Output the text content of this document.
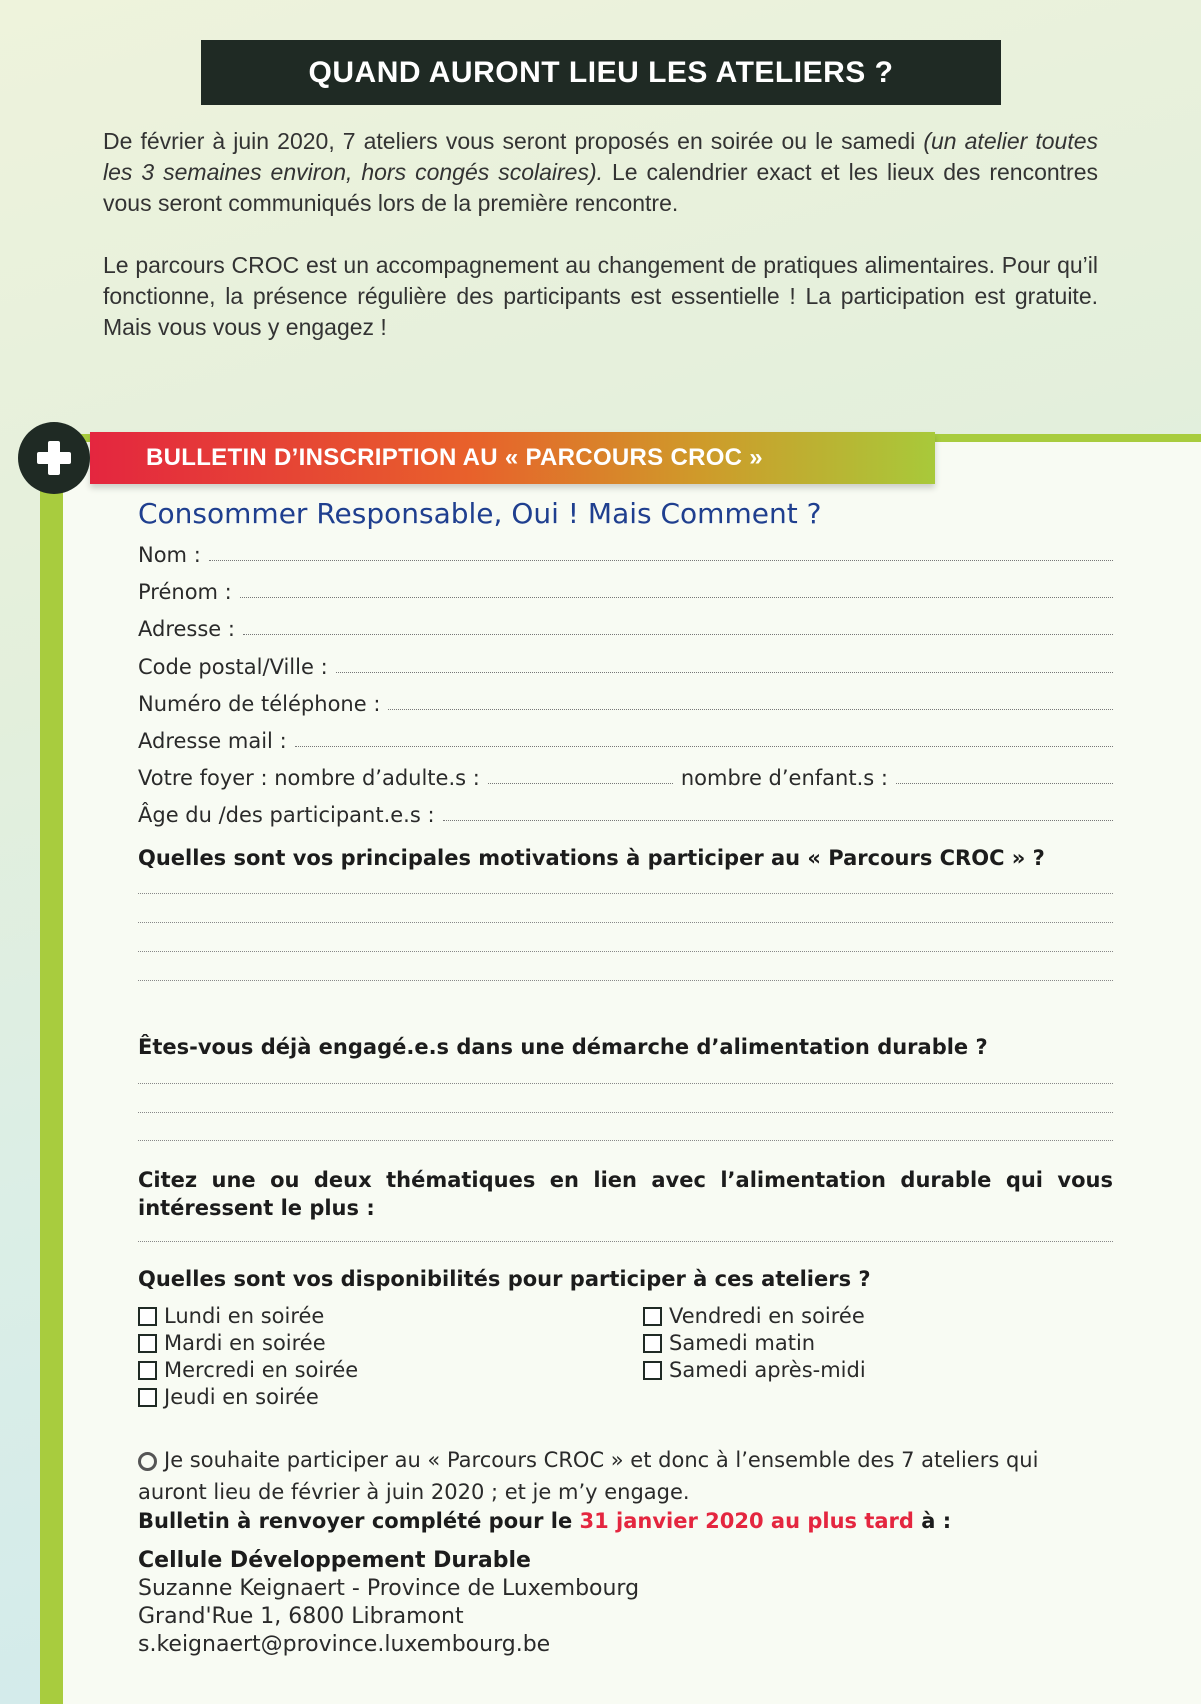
QUAND AURONT LIEU LES ATELIERS ?

De février à juin 2020, 7 ateliers vous seront proposés en soirée ou le samedi (un atelier toutes les 3 semaines environ, hors congés scolaires). Le calendrier exact et les lieux des rencontres vous seront communiqués lors de la première rencontre.

Le parcours CROC est un accompagnement au changement de pratiques alimentaires. Pour qu’il fonctionne, la présence régulière des participants est essentielle ! La participation est gratuite. Mais vous vous y engagez !

BULLETIN D’INSCRIPTION AU « PARCOURS CROC »
Consommer Responsable, Oui ! Mais Comment ?
Nom :
Prénom :
Adresse :
Code postal/Ville :
Numéro de téléphone :
Adresse mail :
Votre foyer : nombre d’adulte.s :	nombre d’enfant.s :
Âge du /des participant.e.s :
Quelles sont vos principales motivations à participer au « Parcours CROC » ?
Êtes-vous déjà engagé.e.s dans une démarche d’alimentation durable ?
Citez une ou deux thématiques en lien avec l’alimentation durable qui vous intéressent le plus :
Quelles sont vos disponibilités pour participer à ces ateliers ?
Lundi en soirée
Mardi en soirée
Mercredi en soirée
Jeudi en soirée
Vendredi en soirée
Samedi matin
Samedi après-midi
Je souhaite participer au « Parcours CROC » et donc à l’ensemble des 7 ateliers qui auront lieu de février à juin 2020 ; et je m’y engage.
Bulletin à renvoyer complété pour le 31 janvier 2020 au plus tard à :
Cellule Développement Durable
Suzanne Keignaert - Province de Luxembourg
Grand'Rue 1, 6800 Libramont
s.keignaert@province.luxembourg.be
